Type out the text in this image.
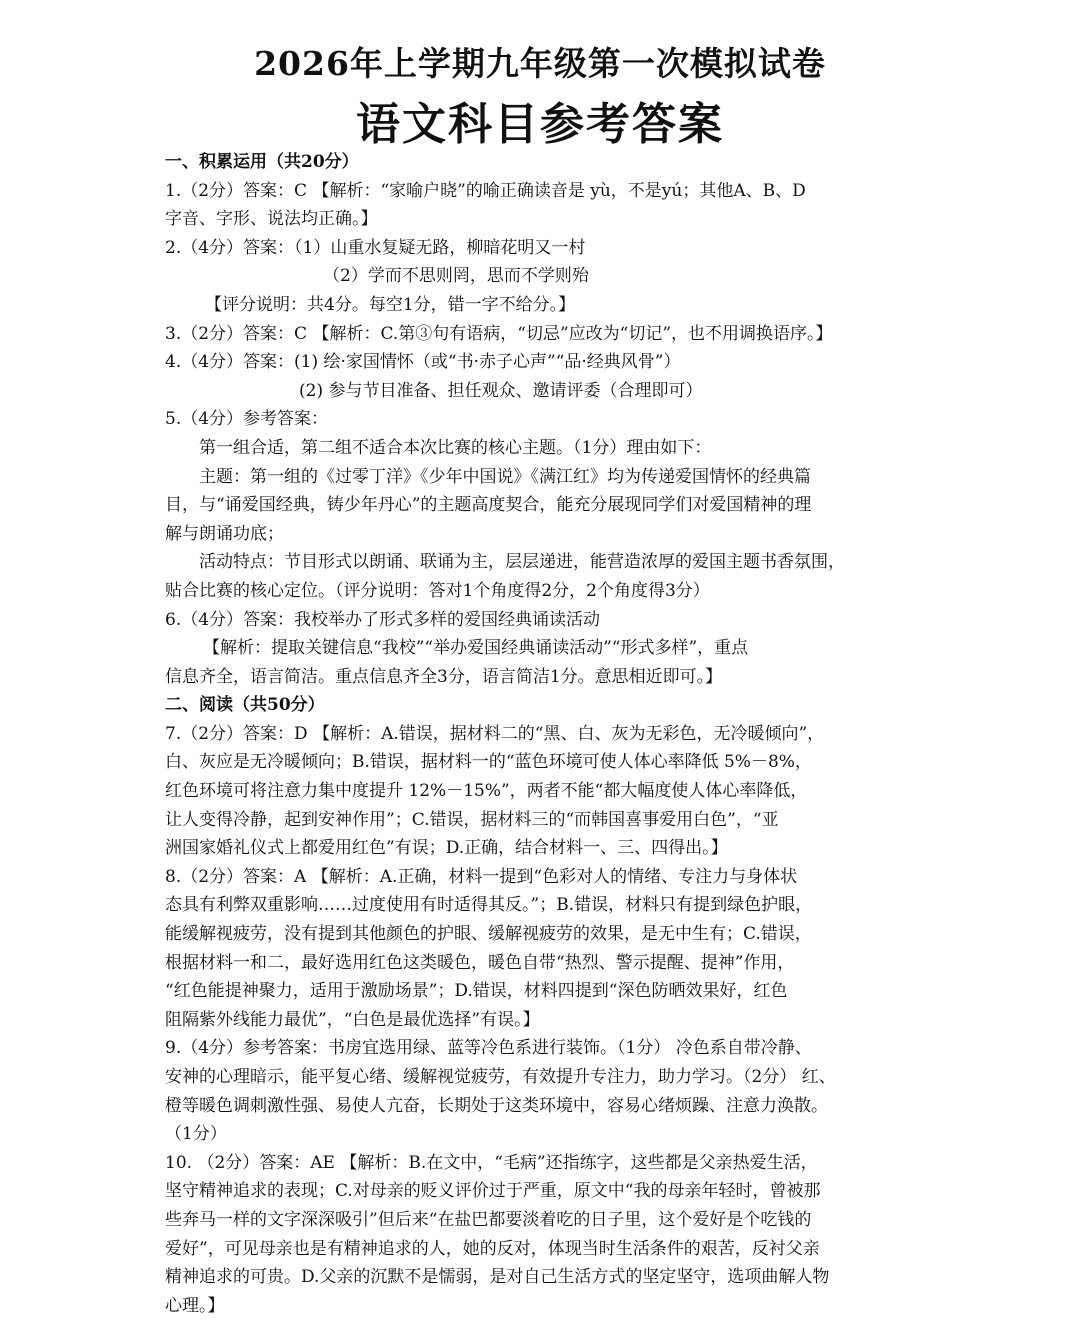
2026年上学期九年级第一次模拟试卷
语文科目参考答案
一、积累运用（共20分）
1.（2分）答案：C 【解析：“家喻户晓”的喻正确读音是 yù，不是yú；其他A、B、D
字音、字形、说法均正确。】
2.（4分）答案：（1）山重水复疑无路，柳暗花明又一村
（2）学而不思则罔，思而不学则殆
【评分说明：共4分。每空1分，错一字不给分。】
3.（2分）答案：C 【解析：C.第③句有语病，“切忌”应改为“切记”，也不用调换语序。】
4.（4分）答案：(1) 绘·家国情怀（或“书·赤子心声”“品·经典风骨”）
(2) 参与节目准备、担任观众、邀请评委（合理即可）
5.（4分）参考答案：
第一组合适，第二组不适合本次比赛的核心主题。（1分）理由如下：
主题：第一组的《过零丁洋》《少年中国说》《满江红》均为传递爱国情怀的经典篇
目，与“诵爱国经典，铸少年丹心”的主题高度契合，能充分展现同学们对爱国精神的理
解与朗诵功底；
活动特点：节目形式以朗诵、联诵为主，层层递进，能营造浓厚的爱国主题书香氛围，
贴合比赛的核心定位。（评分说明：答对1个角度得2分，2个角度得3分）
6.（4分）答案：我校举办了形式多样的爱国经典诵读活动
【解析：提取关键信息“我校”“举办爱国经典诵读活动”“形式多样”，重点
信息齐全，语言简洁。重点信息齐全3分，语言简洁1分。意思相近即可。】
二、阅读（共50分）
7.（2分）答案：D 【解析：A.错误，据材料二的“黑、白、灰为无彩色，无冷暖倾向”，
白、灰应是无冷暖倾向；B.错误，据材料一的“蓝色环境可使人体心率降低 5%－8%，
红色环境可将注意力集中度提升 12%－15%”，两者不能“都大幅度使人体心率降低，
让人变得冷静，起到安神作用”；C.错误，据材料三的“而韩国喜事爱用白色”，“亚
洲国家婚礼仪式上都爱用红色”有误；D.正确，结合材料一、三、四得出。】
8.（2分）答案：A 【解析：A.正确，材料一提到“色彩对人的情绪、专注力与身体状
态具有利弊双重影响……过度使用有时适得其反。”；B.错误，材料只有提到绿色护眼，
能缓解视疲劳，没有提到其他颜色的护眼、缓解视疲劳的效果，是无中生有；C.错误，
根据材料一和二，最好选用红色这类暖色，暖色自带“热烈、警示提醒、提神”作用，
“红色能提神聚力，适用于激励场景”；D.错误，材料四提到“深色防晒效果好，红色
阻隔紫外线能力最优”，“白色是最优选择”有误。】
9.（4分）参考答案：书房宜选用绿、蓝等冷色系进行装饰。（1分） 冷色系自带冷静、
安神的心理暗示，能平复心绪、缓解视觉疲劳，有效提升专注力，助力学习。（2分） 红、
橙等暖色调刺激性强、易使人亢奋，长期处于这类环境中，容易心绪烦躁、注意力涣散。
（1分）
10. （2分）答案：AE 【解析：B.在文中，“毛病”还指练字，这些都是父亲热爱生活，
坚守精神追求的表现；C.对母亲的贬义评价过于严重，原文中“我的母亲年轻时，曾被那
些奔马一样的文字深深吸引”但后来“在盐巴都要淡着吃的日子里，这个爱好是个吃钱的
爱好”，可见母亲也是有精神追求的人，她的反对，体现当时生活条件的艰苦，反衬父亲
精神追求的可贵。D.父亲的沉默不是懦弱，是对自己生活方式的坚定坚守，选项曲解人物
心理。】
